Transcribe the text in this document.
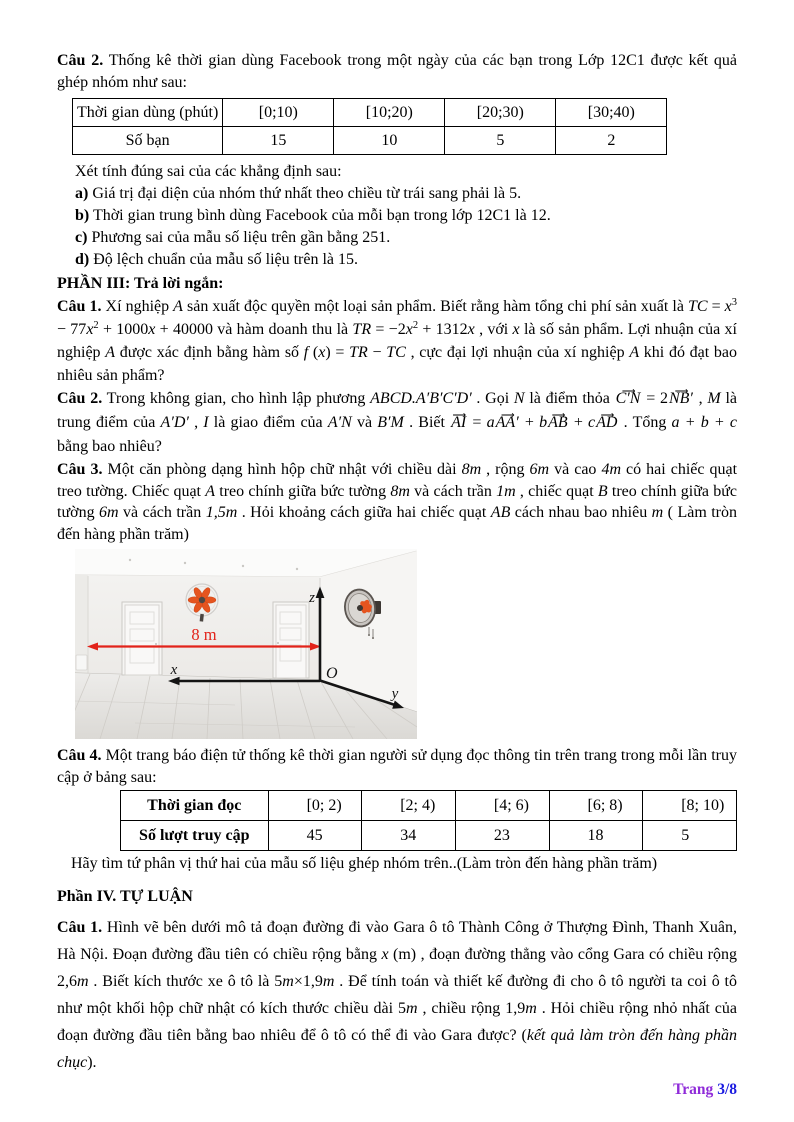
Câu 2. Thống kê thời gian dùng Facebook trong một ngày của các bạn trong Lớp 12C1 được kết quả ghép nhóm như sau:

Thời gian dùng (phút)	[0;10)	[10;20)	[20;30)	[30;40)
Số bạn	15	10	5	2

Xét tính đúng sai của các khẳng định sau:

a) Giá trị đại diện của nhóm thứ nhất theo chiều từ trái sang phải là 5.

b) Thời gian trung bình dùng Facebook của mỗi bạn trong lớp 12C1 là 12.

c) Phương sai của mẫu số liệu trên gần bằng 251.

d) Độ lệch chuẩn của mẫu số liệu trên là 15.

PHẦN III: Trả lời ngắn:

Câu 1. Xí nghiệp A sản xuất độc quyền một loại sản phẩm. Biết rằng hàm tổng chi phí sản xuất là TC = $x^3 - 77x^2 + 1000x + 40000$ và hàm doanh thu là TR = $-2x^2 + 1312x$ , với x là số sản phẩm. Lợi nhuận của xí nghiệp A được xác định bằng hàm số f (x) = TR − TC , cực đại lợi nhuận của xí nghiệp A khi đó đạt bao nhiêu sản phẩm?

Câu 2. Trong không gian, cho hình lập phương ABCD.A′B′C′D′ . Gọi N là điểm thỏa C′N ⟶ = 2NB′ ⟶ , M là trung điểm của A′D′ , I là giao điểm của A′N và B′M . Biết AI ⟶ = aAA′ ⟶ + bAB ⟶ + cAD ⟶ . Tổng a + b + c bằng bao nhiêu?

Câu 3. Một căn phòng dạng hình hộp chữ nhật với chiều dài 8m , rộng 6m và cao 4m có hai chiếc quạt treo tường. Chiếc quạt A treo chính giữa bức tường 8m và cách trần 1m , chiếc quạt B treo chính giữa bức tường 6m và cách trần 1,5m . Hỏi khoảng cách giữa hai chiếc quạt AB cách nhau bao nhiêu m ( Làm tròn đến hàng phần trăm)

8 m
z
x
y
O

Câu 4. Một trang báo điện tử thống kê thời gian người sử dụng đọc thông tin trên trang trong mỗi lần truy cập ở bảng sau:

Thời gian đọc	[0; 2)	[2; 4)	[4; 6)	[6; 8)	[8; 10)
Số lượt truy cập	45	34	23	18	5

Hãy tìm tứ phân vị thứ hai của mẫu số liệu ghép nhóm trên..(Làm tròn đến hàng phần trăm)

Phần IV. TỰ LUẬN

Câu 1. Hình vẽ bên dưới mô tả đoạn đường đi vào Gara ô tô Thành Công ở Thượng Đình, Thanh Xuân, Hà Nội. Đoạn đường đầu tiên có chiều rộng bằng x (m) , đoạn đường thẳng vào cổng Gara có chiều rộng 2,6m . Biết kích thước xe ô tô là 5m×1,9m . Để tính toán và thiết kế đường đi cho ô tô người ta coi ô tô như một khối hộp chữ nhật có kích thước chiều dài 5m , chiều rộng 1,9m . Hỏi chiều rộng nhỏ nhất của đoạn đường đầu tiên bằng bao nhiêu để ô tô có thể đi vào Gara được? (kết quả làm tròn đến hàng phần chục).

Trang 3/8
